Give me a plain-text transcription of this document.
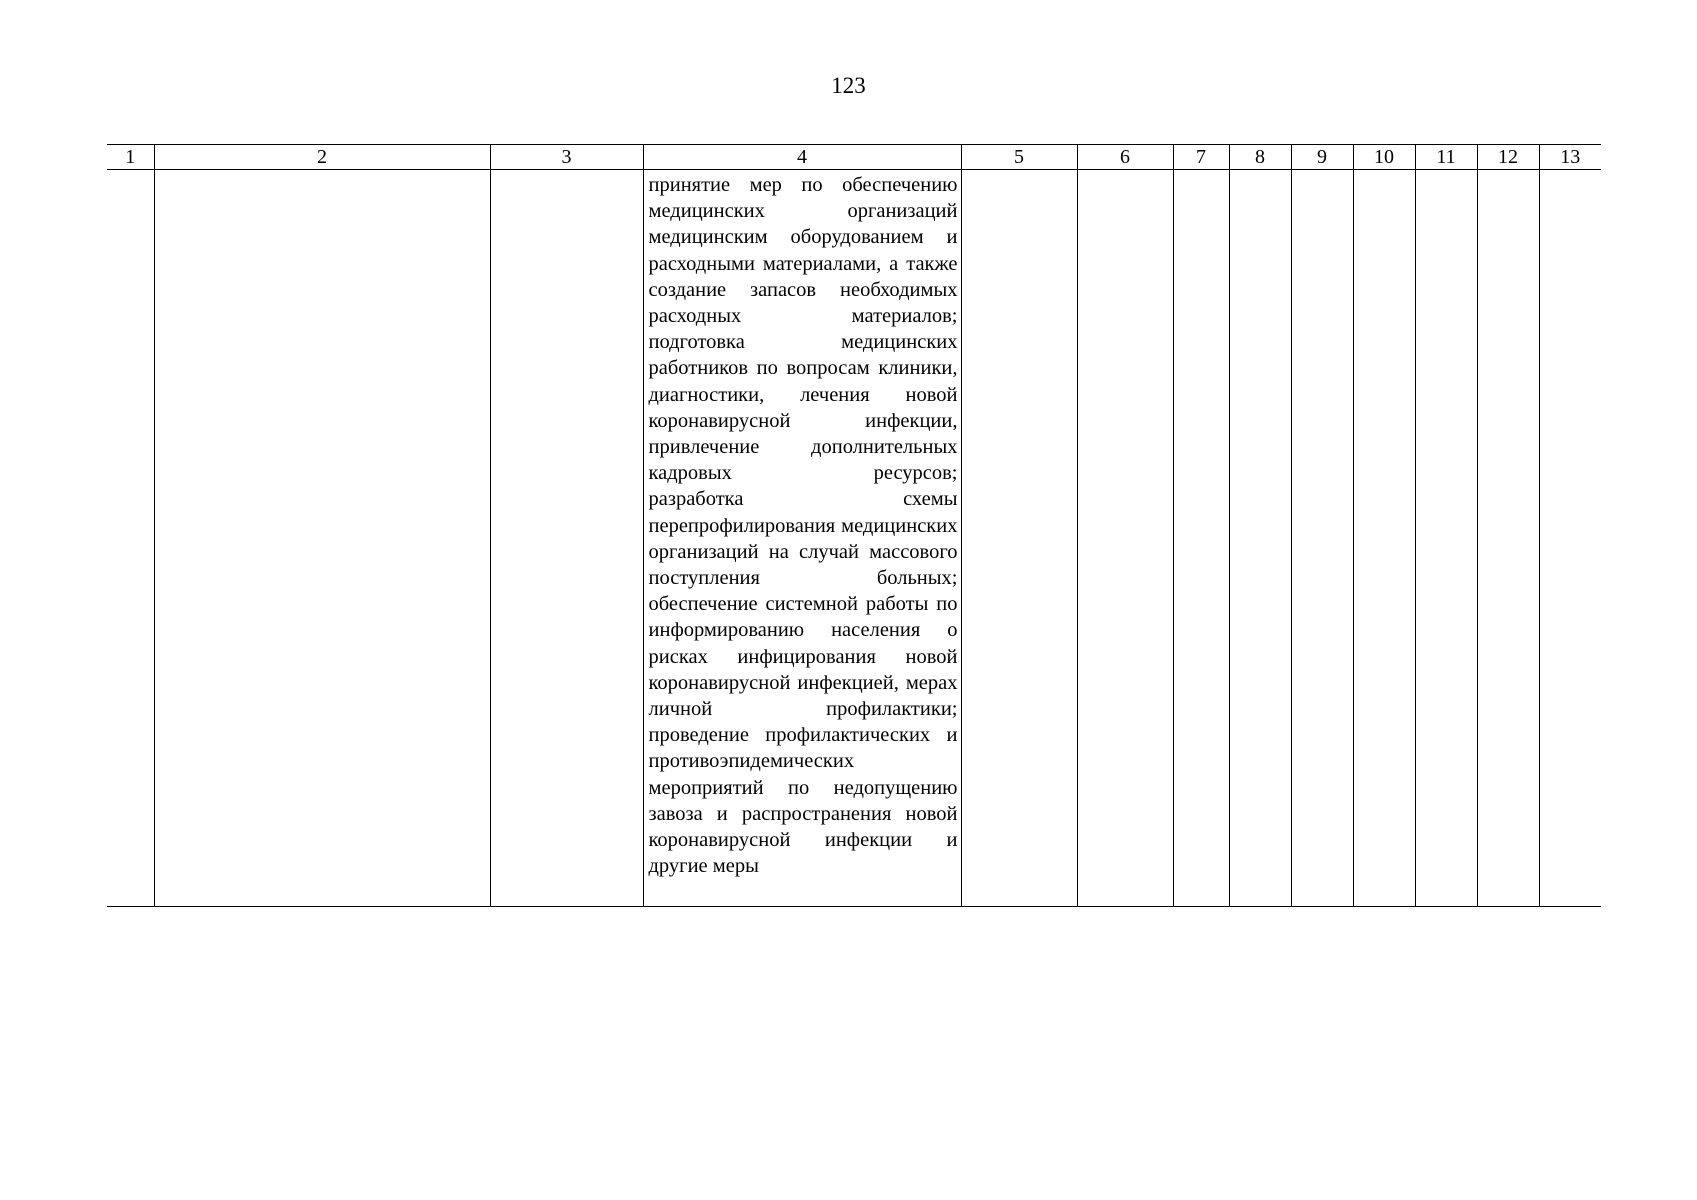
123
1	2	3	4	5	6	7	8	9	10	11	12	13

			принятие мер по обеспечению медицинских организаций медицинским оборудованием и расходными материалами, а также создание запасов необходимых расходных материалов;
подготовка медицинских работников по вопросам клиники, диагностики, лечения новой коронавирусной инфекции, привлечение дополнительных кадровых ресурсов;
разработка схемы перепрофилирования медицинских организаций на случай массового поступления больных;
обеспечение системной работы по информированию населения о рисках инфицирования новой коронавирусной инфекцией, мерах личной профилактики;
проведение профилактических и противоэпидемических мероприятий по недопущению завоза и распространения новой коронавирусной инфекции и другие меры									
